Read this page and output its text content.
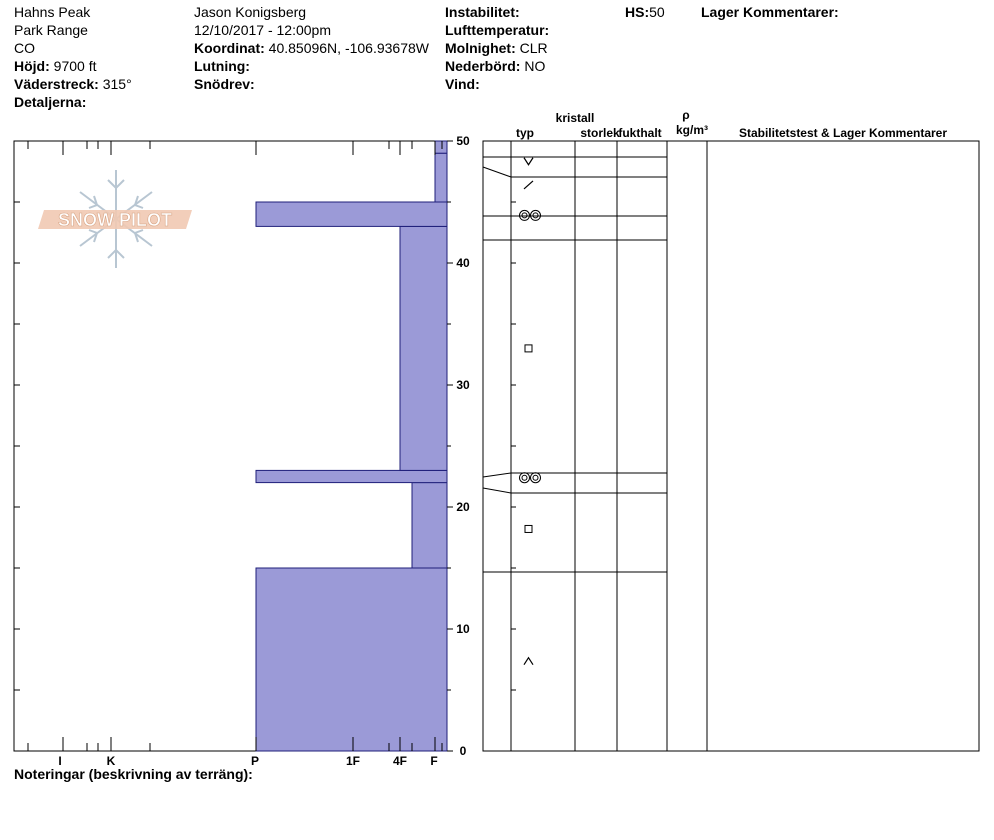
Hahns Peak
Park Range
CO
Höjd: 9700 ft
Väderstreck: 315°
Detaljerna:
Jason Konigsberg
12/10/2017 - 12:00pm
Koordinat: 40.85096N, -106.93678W
Lutning:
Snödrev:
Instabilitet:
Lufttemperatur:
Molnighet: CLR
Nederbörd: NO
Vind:
HS:50	Lager Kommentarer:
SNOW PILOT
I	K	P	1F	4F F
0
10
20
30
40
50
typ
kristall
storlek
fukthalt
ρ
kg/m³	Stabilitetstest & Lager Kommentarer
Noteringar (beskrivning av terräng):
